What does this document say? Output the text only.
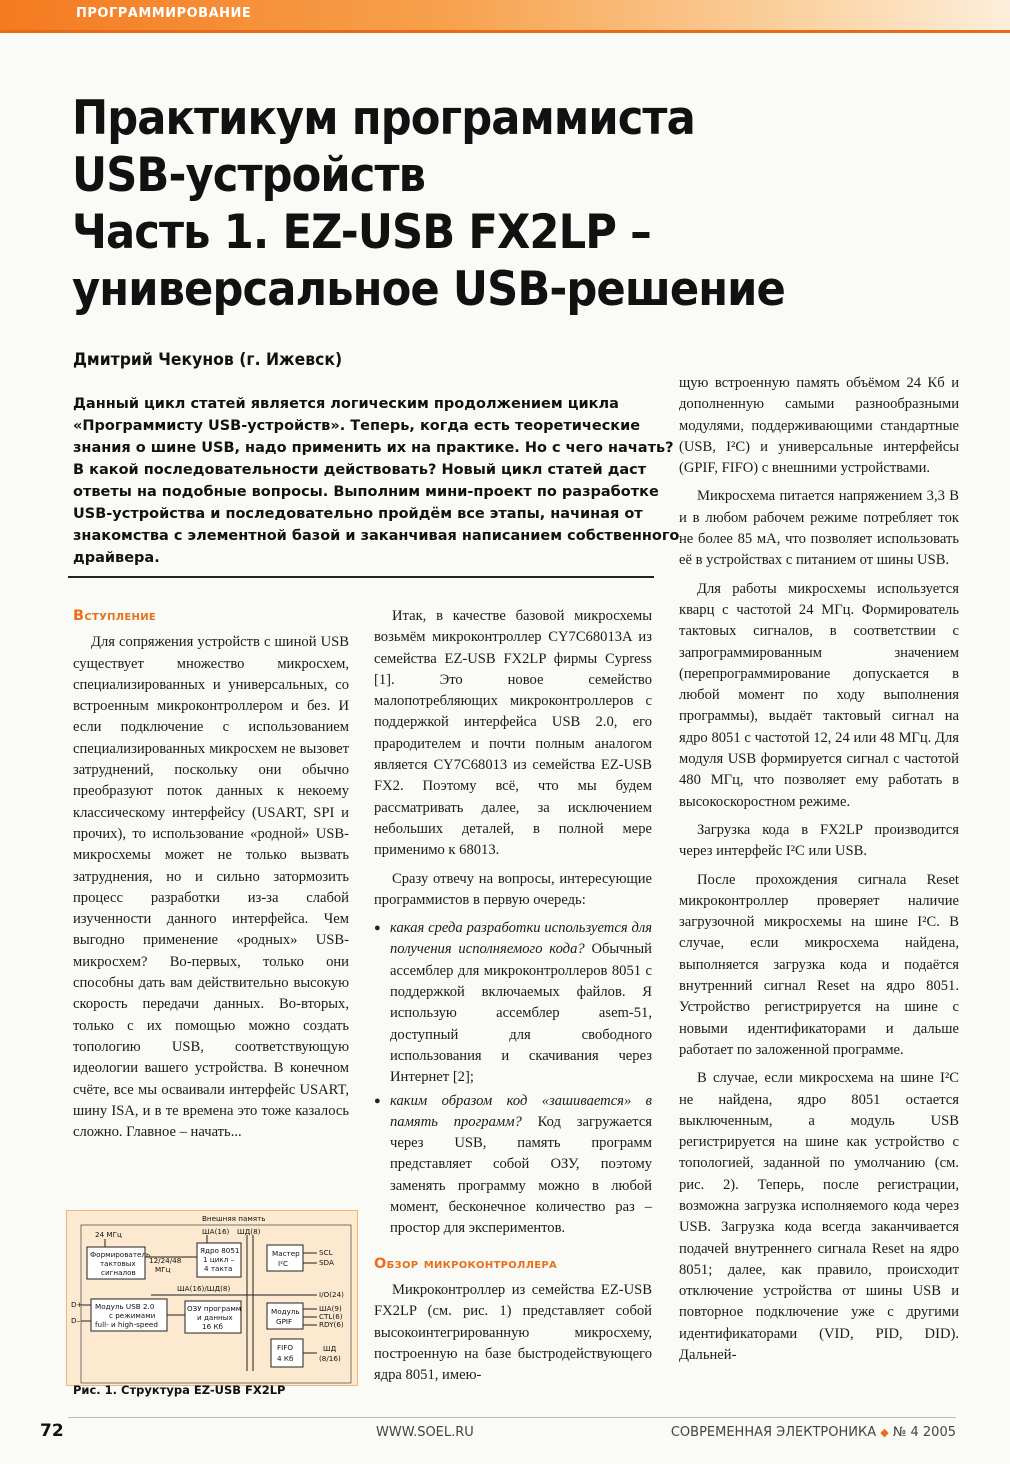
ПРОГРАММИРОВАНИЕ
Практикум программиста
USB-устройств
Часть 1. EZ-USB FX2LP –
универсальное USB-решение
Дмитрий Чекунов (г. Ижевск)
Данный цикл статей является логическим продолжением цикла «Программисту USB-устройств». Теперь, когда есть теоретические знания о шине USB, надо применить их на практике. Но с чего начать? В какой последовательности действовать? Новый цикл статей даст ответы на подобные вопросы. Выполним мини-проект по разработке USB-устройства и последовательно пройдём все этапы, начиная от знакомства с элементной базой и заканчивая написанием собственного драйвера.
Вступление

Для сопряжения устройств с шиной USB существует множество микросхем, специализированных и универсальных, со встроенным микроконтроллером и без. И если подключение с использованием специализированных микросхем не вызовет затруднений, поскольку они обычно преобразуют поток данных к некоему классическому интерфейсу (USART, SPI и прочих), то использование «родной» USB-микросхемы может не только вызвать затруднения, но и сильно затормозить процесс разработки из-за слабой изученности данного интерфейса. Чем выгодно применение «родных» USB-микросхем? Во-первых, только они способны дать вам действительно высокую скорость передачи данных. Во-вторых, только с их помощью можно создать топологию USB, соответствующую идеологии вашего устройства. В конечном счёте, все мы осваивали интерфейс USART, шину ISA, и в те времена это тоже казалось сложно. Главное – начать...

Итак, в качестве базовой микросхемы возьмём микроконтроллер CY7C68013A из семейства EZ-USB FX2LP фирмы Cypress [1]. Это новое семейство малопотребляющих микроконтроллеров с поддержкой интерфейса USB 2.0, его прародителем и почти полным аналогом является CY7C68013 из семейства EZ-USB FX2. Поэтому всё, что мы будем рассматривать далее, за исключением небольших деталей, в полной мере применимо к 68013.

Сразу отвечу на вопросы, интересующие программистов в первую очередь:

● какая среда разработки используется для получения исполняемого кода? Обычный ассемблер для микроконтроллеров 8051 с поддержкой включаемых файлов. Я использую ассемблер asem-51, доступный для свободного использования и скачивания через Интернет [2];
● каким образом код «зашивается» в память программ? Код загружается через USB, память программ представляет собой ОЗУ, поэтому заменять программу можно в любой момент, бесконечное количество раз – простор для экспериментов.
Обзор микроконтроллера

Микроконтроллер из семейства EZ-USB FX2LP (см. рис. 1) представляет собой высокоинтегрированную микросхему, построенную на базе быстродействующего ядра 8051, имею-

щую встроенную память объёмом 24 Кб и дополненную самыми разнообразными модулями, поддерживающими стандартные (USB, I²C) и универсальные интерфейсы (GPIF, FIFO) с внешними устройствами.

Микросхема питается напряжением 3,3 В и в любом рабочем режиме потребляет ток не более 85 мА, что позволяет использовать её в устройствах с питанием от шины USB.

Для работы микросхемы используется кварц с частотой 24 МГц. Формирователь тактовых сигналов, в соответствии с запрограммированным значением (перепрограммирование допускается в любой момент по ходу выполнения программы), выдаёт тактовый сигнал на ядро 8051 с частотой 12, 24 или 48 МГц. Для модуля USB формируется сигнал с частотой 480 МГц, что позволяет ему работать в высокоскоростном режиме.

Загрузка кода в FX2LP производится через интерфейс I²C или USB.

После прохождения сигнала Reset микроконтроллер проверяет наличие загрузочной микросхемы на шине I²C. В случае, если микросхема найдена, выполняется загрузка кода и подаётся внутренний сигнал Reset на ядро 8051. Устройство регистрируется на шине с новыми идентификаторами и дальше работает по заложенной программе.

В случае, если микросхема на шине I²C не найдена, ядро 8051 остается выключенным, а модуль USB регистрируется на шине как устройство с топологией, заданной по умолчанию (см. рис. 2). Теперь, после регистрации, возможна загрузка исполняемого кода через USB. Загрузка кода всегда заканчивается подачей внутреннего сигнала Reset на ядро 8051; далее, как правило, происходит отключение устройства от шины USB и повторное подключение уже с другими идентификаторами (VID, PID, DID). Дальней-

Внешняя память
ША(16) ШД(8)
24 МГц
Формирователь
тактовых
сигналов
12/24/48
МГц
Ядро 8051
1 цикл –
4 такта
Мастер
I²C
SCL
SDA
ША(16)/ШД(8)
I/O(24)
D+
D–
Модуль USB 2.0
с режимами
full- и high-speed
ОЗУ программ
и данных
16 Кб
Модуль
GPIF
ША(9)
CTL(6)
RDY(6)
FIFO
4 Кб
ШД
(8/16)
Рис. 1. Структура EZ-USB FX2LP
72	WWW.SOEL.RU	СОВРЕМЕННАЯ ЭЛЕКТРОНИКА ◆ № 4 2005
